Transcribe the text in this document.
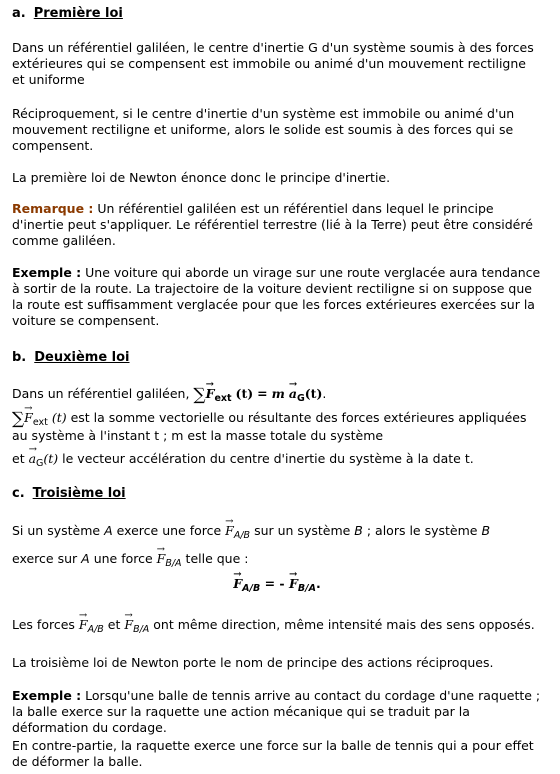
a. Première loi

Dans un référentiel galiléen, le centre d'inertie G d'un système soumis à des forces extérieures qui se compensent est immobile ou animé d'un mouvement rectiligne et uniforme

Réciproquement, si le centre d'inertie d'un système est immobile ou animé d'un mouvement rectiligne et uniforme, alors le solide est soumis à des forces qui se compensent.

La première loi de Newton énonce donc le principe d'inertie.

Remarque : Un référentiel galiléen est un référentiel dans lequel le principe d'inertie peut s'appliquer. Le référentiel terrestre (lié à la Terre) peut être considéré comme galiléen.

Exemple : Une voiture qui aborde un virage sur une route verglacée aura tendance à sortir de la route. La trajectoire de la voiture devient rectiligne si on suppose que la route est suffisamment verglacée pour que les forces extérieures exercées sur la voiture se compensent.

b. Deuxième loi

Dans un référentiel galiléen, ∑→ $F_{ext}$ $(t) = m \to a_G(t)$.

∑→ $F_{ext}$ (t) est la somme vectorielle ou résultante des forces extérieures appliquées au système à l'instant t ; m est la masse totale du système

et → $a_G(t)$ le vecteur accélération du centre d'inertie du système à la date t.

c. Troisième loi

Si un système A exerce une force → $F_{A/B}$ sur un système B ; alors le système B

exerce sur A une force → $F_{B/A}$ telle que :

→ $F_{A/B}$ = - → $F_{B/A}$.

Les forces → $F_{A/B}$ et → $F_{B/A}$ ont même direction, même intensité mais des sens opposés.

La troisième loi de Newton porte le nom de principe des actions réciproques.

Exemple : Lorsqu'une balle de tennis arrive au contact du cordage d'une raquette ; la balle exerce sur la raquette une action mécanique qui se traduit par la déformation du cordage.

En contre-partie, la raquette exerce une force sur la balle de tennis qui a pour effet de déformer la balle.
